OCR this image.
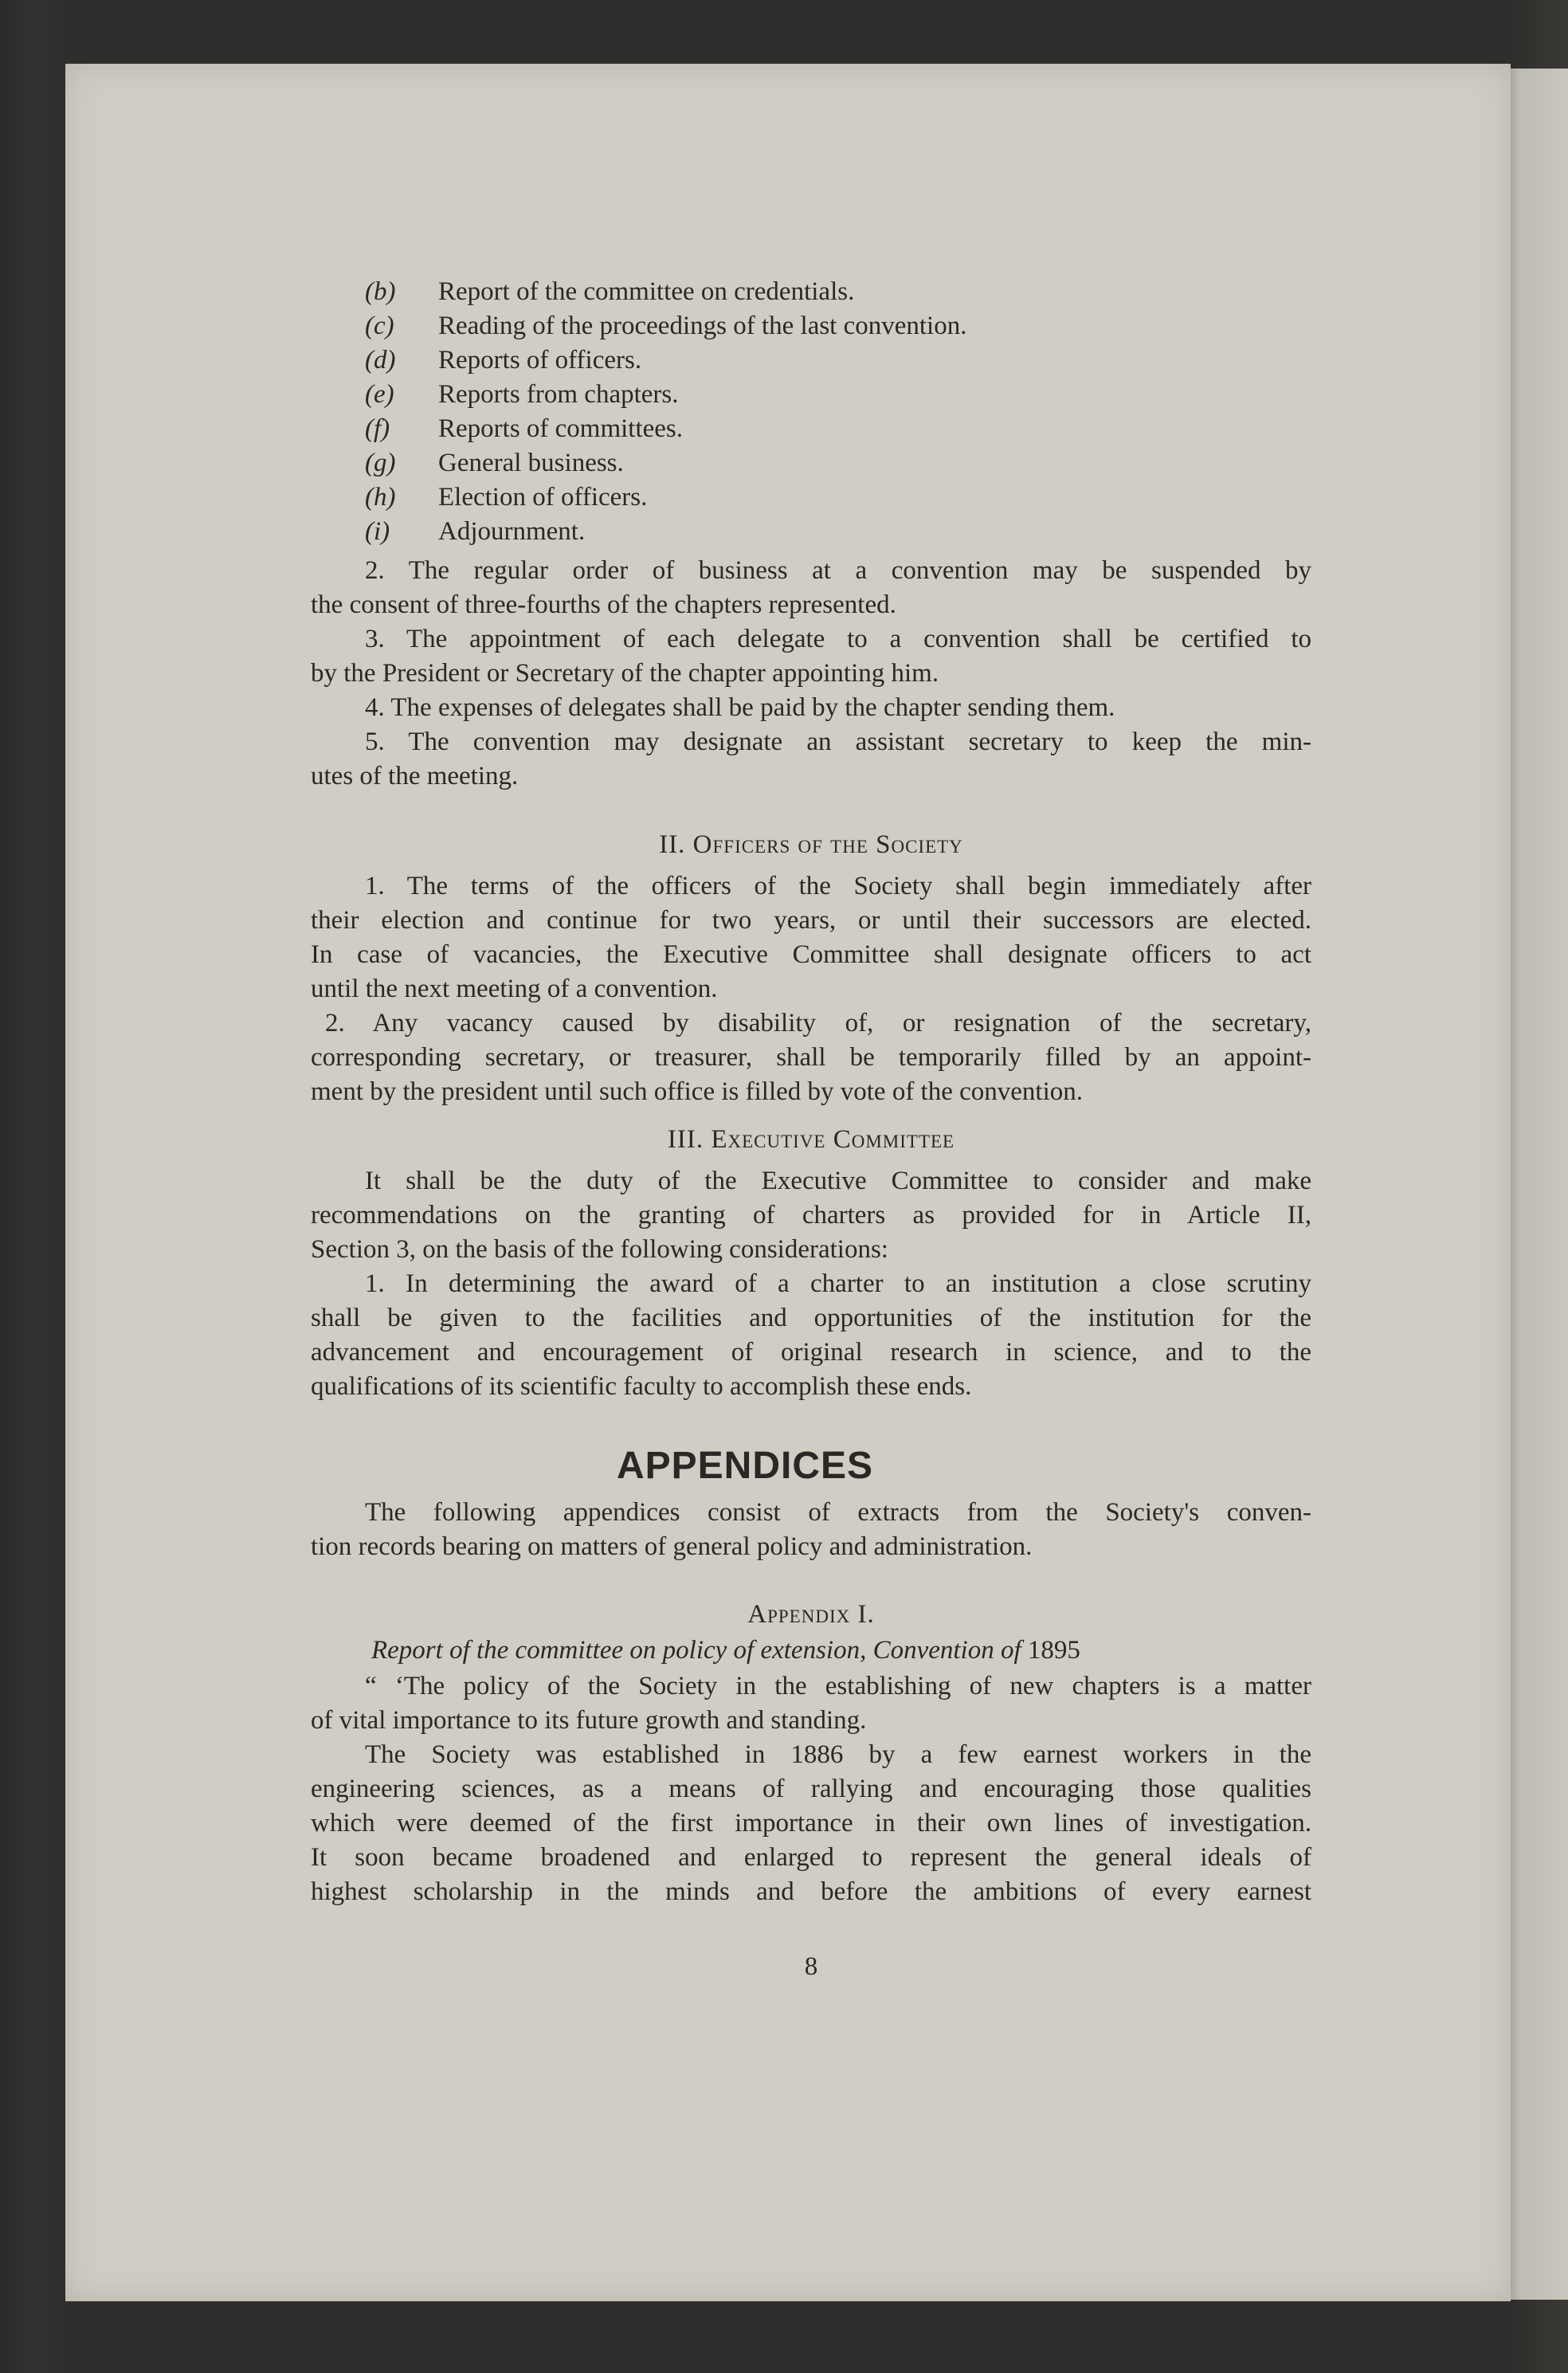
(b) Report of the committee on credentials.
(c) Reading of the proceedings of the last convention.
(d) Reports of officers.
(e) Reports from chapters.
(f) Reports of committees.
(g) General business.
(h) Election of officers.
(i) Adjournment.
2. The regular order of business at a convention may be suspended by
the consent of three-fourths of the chapters represented.
3. The appointment of each delegate to a convention shall be certified to
by the President or Secretary of the chapter appointing him.
4. The expenses of delegates shall be paid by the chapter sending them.
5. The convention may designate an assistant secretary to keep the min-
utes of the meeting.
II. Officers of the Society
1. The terms of the officers of the Society shall begin immediately after
their election and continue for two years, or until their successors are elected.
In case of vacancies, the Executive Committee shall designate officers to act
until the next meeting of a convention.
2. Any vacancy caused by disability of, or resignation of the secretary,
corresponding secretary, or treasurer, shall be temporarily filled by an appoint-
ment by the president until such office is filled by vote of the convention.
III. Executive Committee
It shall be the duty of the Executive Committee to consider and make
recommendations on the granting of charters as provided for in Article II,
Section 3, on the basis of the following considerations:
1. In determining the award of a charter to an institution a close scrutiny
shall be given to the facilities and opportunities of the institution for the
advancement and encouragement of original research in science, and to the
qualifications of its scientific faculty to accomplish these ends.
APPENDICES
The following appendices consist of extracts from the Society's conven-
tion records bearing on matters of general policy and administration.
Appendix I.
Report of the committee on policy of extension, Convention of 1895
“ ‘The policy of the Society in the establishing of new chapters is a matter
of vital importance to its future growth and standing.
The Society was established in 1886 by a few earnest workers in the
engineering sciences, as a means of rallying and encouraging those qualities
which were deemed of the first importance in their own lines of investigation.
It soon became broadened and enlarged to represent the general ideals of
highest scholarship in the minds and before the ambitions of every earnest
8
